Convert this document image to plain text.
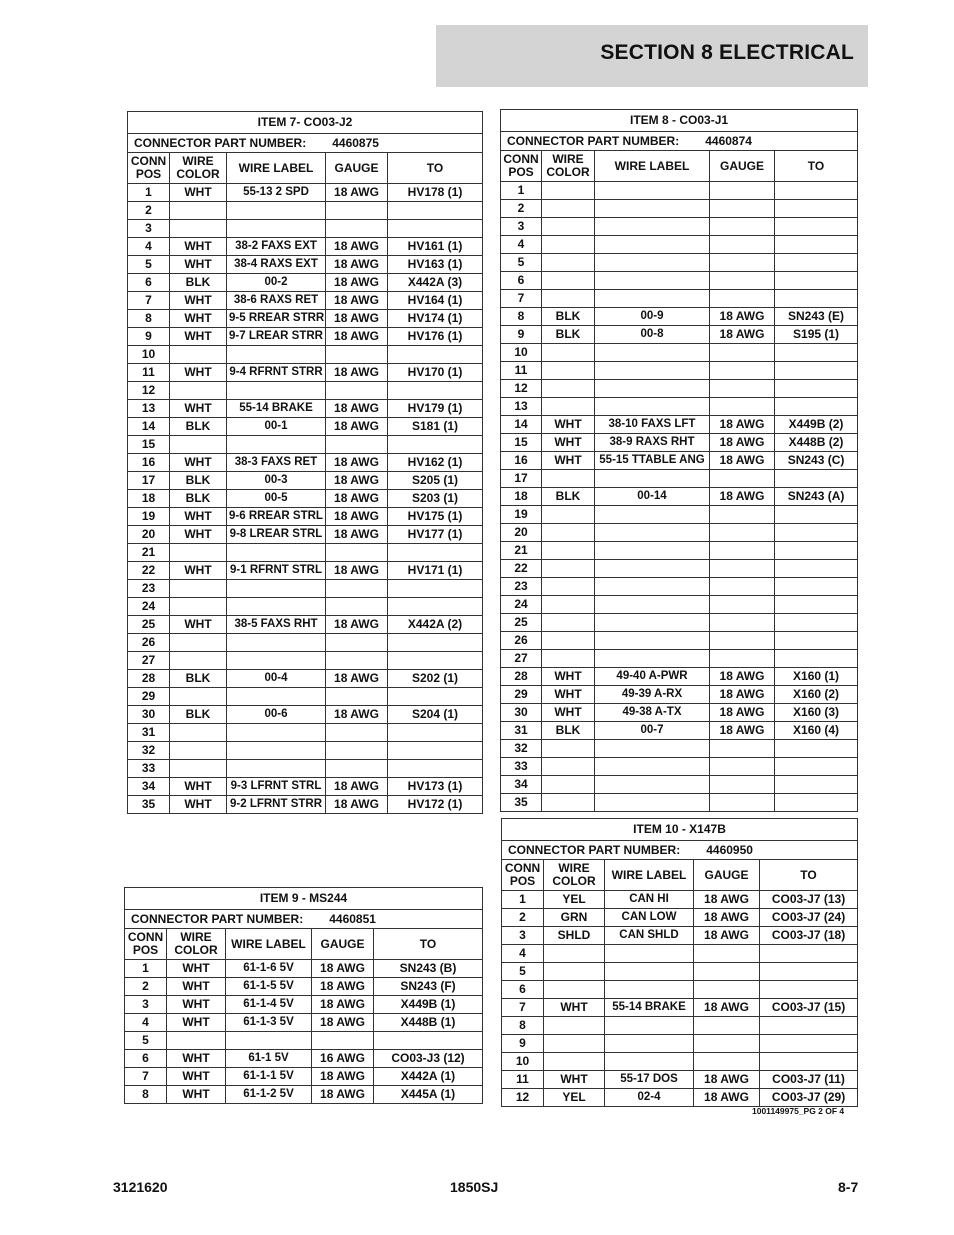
SECTION 8 ELECTRICAL
ITEM 7- CO03-J2				
CONNECTOR PART NUMBER: 4460875				
CONN POS	WIRE COLOR	WIRE LABEL	GAUGE	TO
1	WHT	55-13 2 SPD	18 AWG	HV178 (1)
2				
3				
4	WHT	38-2 FAXS EXT	18 AWG	HV161 (1)
5	WHT	38-4 RAXS EXT	18 AWG	HV163 (1)
6	BLK	00-2	18 AWG	X442A (3)
7	WHT	38-6 RAXS RET	18 AWG	HV164 (1)
8	WHT	9-5 RREAR STRR	18 AWG	HV174 (1)
9	WHT	9-7 LREAR STRR	18 AWG	HV176 (1)
10				
11	WHT	9-4 RFRNT STRR	18 AWG	HV170 (1)
12				
13	WHT	55-14 BRAKE	18 AWG	HV179 (1)
14	BLK	00-1	18 AWG	S181 (1)
15				
16	WHT	38-3 FAXS RET	18 AWG	HV162 (1)
17	BLK	00-3	18 AWG	S205 (1)
18	BLK	00-5	18 AWG	S203 (1)
19	WHT	9-6 RREAR STRL	18 AWG	HV175 (1)
20	WHT	9-8 LREAR STRL	18 AWG	HV177 (1)
21				
22	WHT	9-1 RFRNT STRL	18 AWG	HV171 (1)
23				
24				
25	WHT	38-5 FAXS RHT	18 AWG	X442A (2)
26				
27				
28	BLK	00-4	18 AWG	S202 (1)
29				
30	BLK	00-6	18 AWG	S204 (1)
31				
32				
33				
34	WHT	9-3 LFRNT STRL	18 AWG	HV173 (1)
35	WHT	9-2 LFRNT STRR	18 AWG	HV172 (1)
ITEM 8 - CO03-J1				
CONNECTOR PART NUMBER: 4460874				
CONN POS	WIRE COLOR	WIRE LABEL	GAUGE	TO
1				
2				
3				
4				
5				
6				
7				
8	BLK	00-9	18 AWG	SN243 (E)
9	BLK	00-8	18 AWG	S195 (1)
10				
11				
12				
13				
14	WHT	38-10 FAXS LFT	18 AWG	X449B (2)
15	WHT	38-9 RAXS RHT	18 AWG	X448B (2)
16	WHT	55-15 TTABLE ANG	18 AWG	SN243 (C)
17				
18	BLK	00-14	18 AWG	SN243 (A)
19				
20				
21				
22				
23				
24				
25				
26				
27				
28	WHT	49-40 A-PWR	18 AWG	X160 (1)
29	WHT	49-39 A-RX	18 AWG	X160 (2)
30	WHT	49-38 A-TX	18 AWG	X160 (3)
31	BLK	00-7	18 AWG	X160 (4)
32				
33				
34				
35				
ITEM 9 - MS244				
CONNECTOR PART NUMBER: 4460851				
CONN POS	WIRE COLOR	WIRE LABEL	GAUGE	TO
1	WHT	61-1-6 5V	18 AWG	SN243 (B)
2	WHT	61-1-5 5V	18 AWG	SN243 (F)
3	WHT	61-1-4 5V	18 AWG	X449B (1)
4	WHT	61-1-3 5V	18 AWG	X448B (1)
5				
6	WHT	61-1 5V	16 AWG	CO03-J3 (12)
7	WHT	61-1-1 5V	18 AWG	X442A (1)
8	WHT	61-1-2 5V	18 AWG	X445A (1)
ITEM 10 - X147B				
CONNECTOR PART NUMBER: 4460950				
CONN POS	WIRE COLOR	WIRE LABEL	GAUGE	TO
1	YEL	CAN HI	18 AWG	CO03-J7 (13)
2	GRN	CAN LOW	18 AWG	CO03-J7 (24)
3	SHLD	CAN SHLD	18 AWG	CO03-J7 (18)
4				
5				
6				
7	WHT	55-14 BRAKE	18 AWG	CO03-J7 (15)
8				
9				
10				
11	WHT	55-17 DOS	18 AWG	CO03-J7 (11)
12	YEL	02-4	18 AWG	CO03-J7 (29)
1001149975_PG 2 OF 4
3121620	1850SJ	8-7
